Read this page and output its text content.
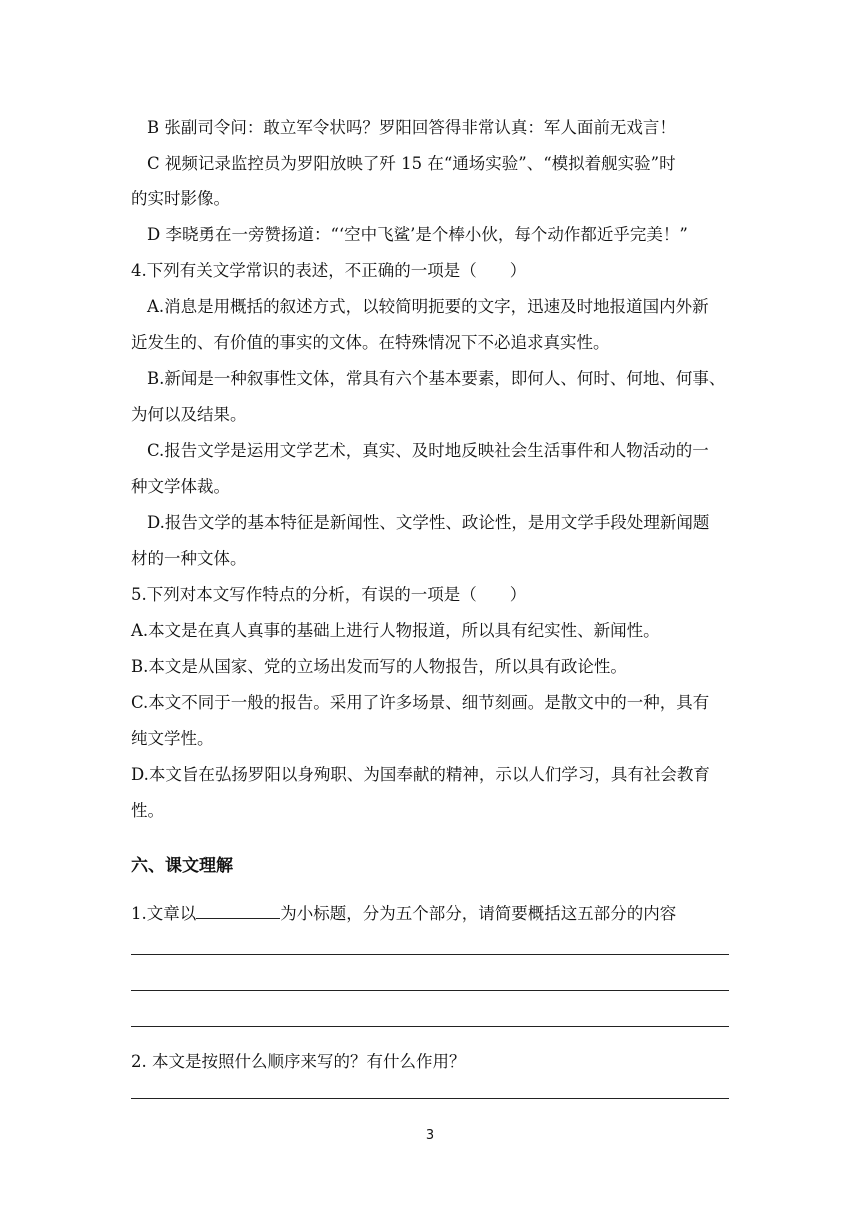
B 张副司令问：敢立军令状吗？罗阳回答得非常认真：军人面前无戏言！
C 视频记录监控员为罗阳放映了歼 15 在“通场实验”、“模拟着舰实验”时
的实时影像。
D 李晓勇在一旁赞扬道：“‘空中飞鲨’是个棒小伙，每个动作都近乎完美！”
4.下列有关文学常识的表述，不正确的一项是（　　）
A.消息是用概括的叙述方式，以较简明扼要的文字，迅速及时地报道国内外新
近发生的、有价值的事实的文体。在特殊情况下不必追求真实性。
B.新闻是一种叙事性文体，常具有六个基本要素，即何人、何时、何地、何事、
为何以及结果。
C.报告文学是运用文学艺术，真实、及时地反映社会生活事件和人物活动的一
种文学体裁。
D.报告文学的基本特征是新闻性、文学性、政论性，是用文学手段处理新闻题
材的一种文体。
5.下列对本文写作特点的分析，有误的一项是（　　）
A.本文是在真人真事的基础上进行人物报道，所以具有纪实性、新闻性。
B.本文是从国家、党的立场出发而写的人物报告，所以具有政论性。
C.本文不同于一般的报告。采用了许多场景、细节刻画。是散文中的一种，具有
纯文学性。
D.本文旨在弘扬罗阳以身殉职、为国奉献的精神，示以人们学习，具有社会教育
性。
六、课文理解
1.文章以	为小标题，分为五个部分，请简要概括这五部分的内容
2. 本文是按照什么顺序来写的？有什么作用？
3
